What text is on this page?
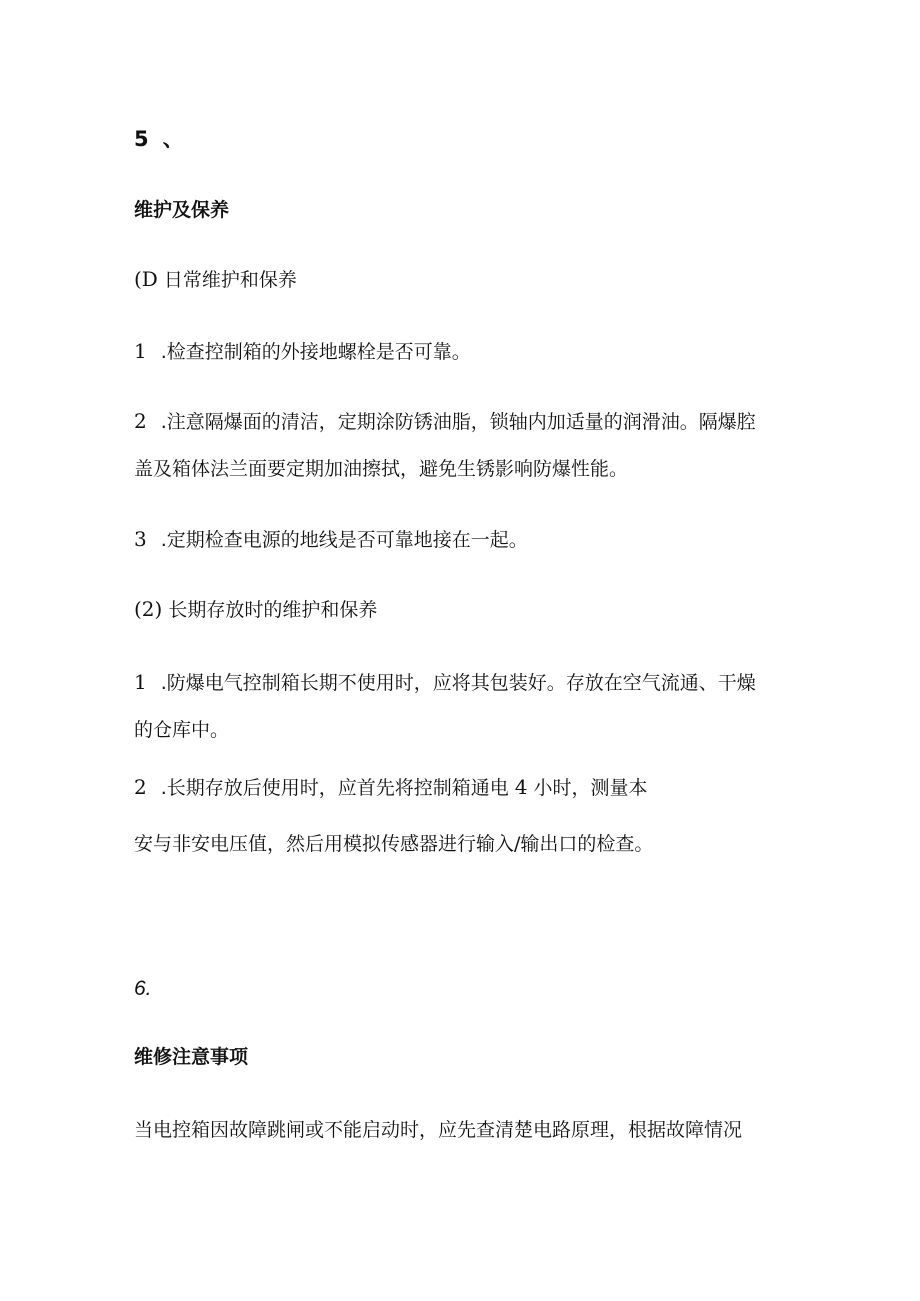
5 、
维护及保养
(D 日常维护和保养
1 .检查控制箱的外接地螺栓是否可靠。
2 .注意隔爆面的清洁，定期涂防锈油脂，锁轴内加适量的润滑油。隔爆腔
盖及箱体法兰面要定期加油擦拭，避免生锈影响防爆性能。
3 .定期检查电源的地线是否可靠地接在一起。
(2) 长期存放时的维护和保养
1 .防爆电气控制箱长期不使用时，应将其包装好。存放在空气流通、干燥
的仓库中。
2 .长期存放后使用时，应首先将控制箱通电 4 小时，测量本
安与非安电压值，然后用模拟传感器进行输入/输出口的检查。
6.
维修注意事项
当电控箱因故障跳闸或不能启动时，应先查清楚电路原理，根据故障情况
